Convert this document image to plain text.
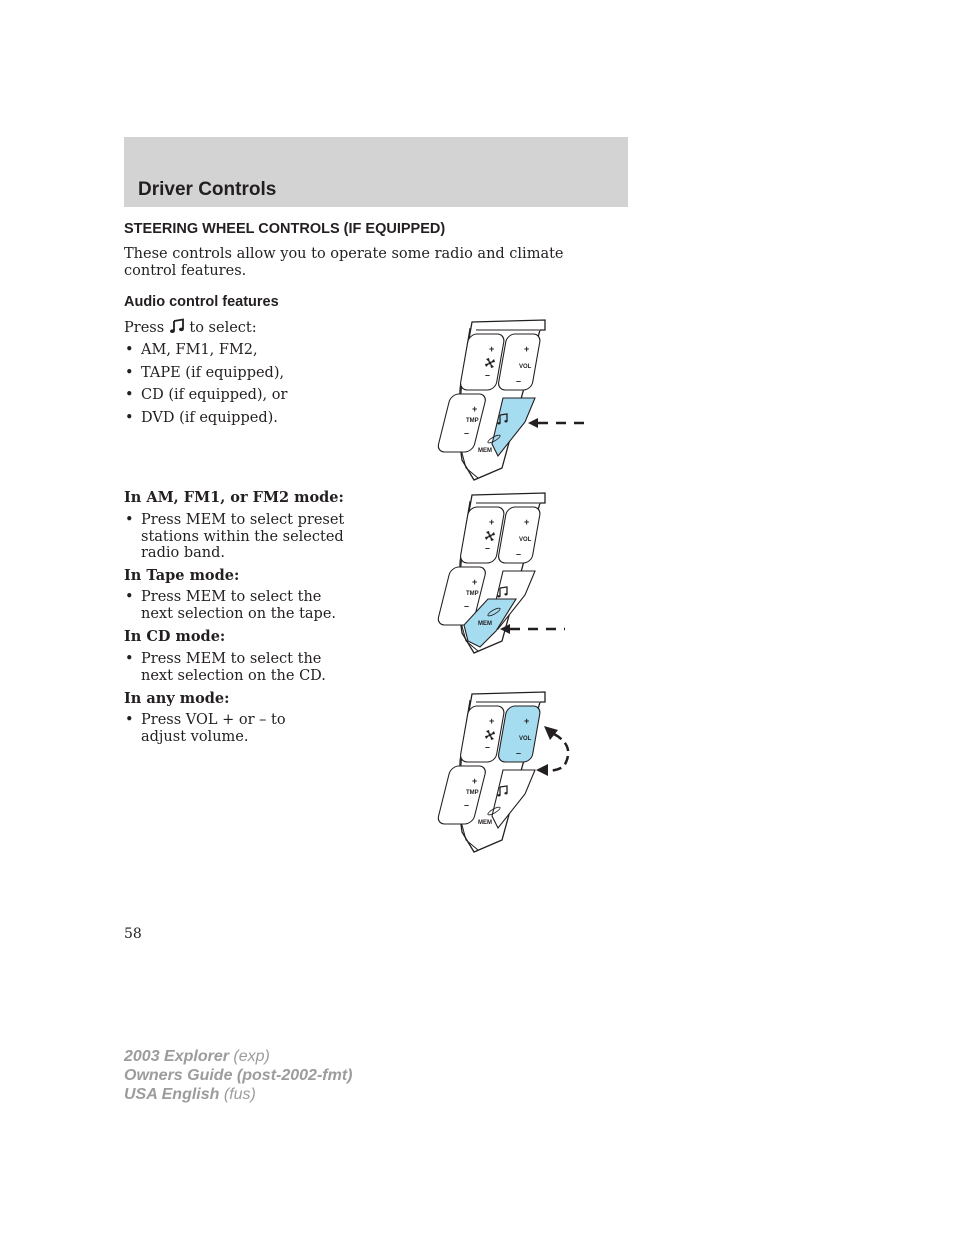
Driver Controls
STEERING WHEEL CONTROLS (IF EQUIPPED)

These controls allow you to operate some radio and climate control features.

Audio control features

Press to select:

• AM, FM1, FM2,
• TAPE (if equipped),
• CD (if equipped), or
• DVD (if equipped).

In AM, FM1, or FM2 mode:

• Press MEM to select preset stations within the selected radio band.

In Tape mode:

• Press MEM to select the next selection on the tape.

In CD mode:

• Press MEM to select the next selection on the CD.

In any mode:

• Press VOL + or – to adjust volume.
+
–
+
VOL
–
+
TMP
–
MEM
+
–
+
VOL
–
+
TMP
–
MEM
+
–
+
VOL
–
+
TMP
–
MEM

58

2003 Explorer (exp)
Owners Guide (post-2002-fmt)
USA English (fus)
